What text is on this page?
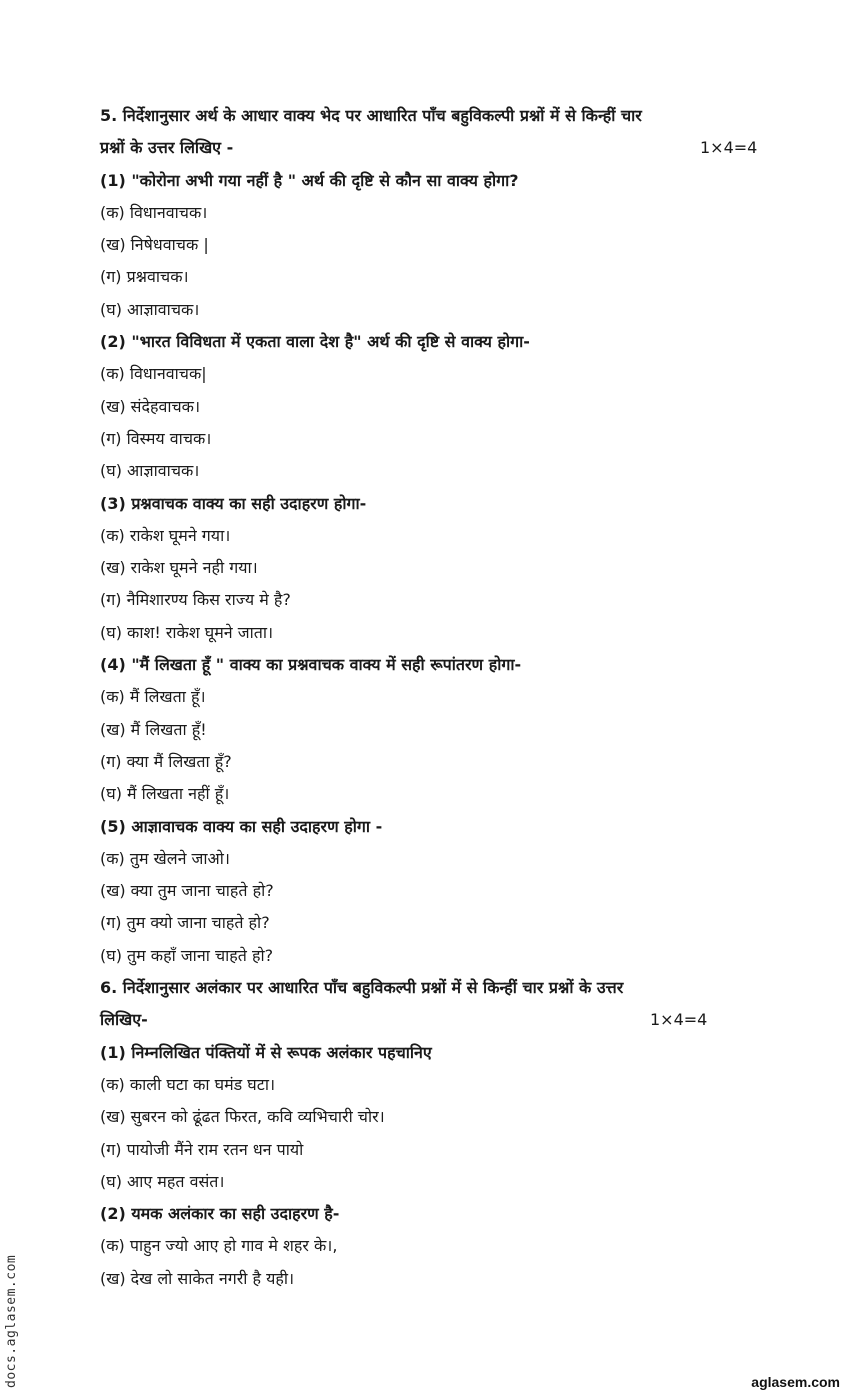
5. निर्देशानुसार अर्थ के आधार वाक्य भेद पर आधारित पाँच बहुविकल्पी प्रश्नों में से किन्हीं चार
प्रश्नों के उत्तर लिखिए -	1×4=4
(1) "कोरोना अभी गया नहीं है " अर्थ की दृष्टि से कौन सा वाक्य होगा?
(क) विधानवाचक।
(ख) निषेधवाचक |
(ग) प्रश्नवाचक।
(घ) आज्ञावाचक।
(2) "भारत विविधता में एकता वाला देश है" अर्थ की दृष्टि से वाक्य होगा-
(क) विधानवाचक|
(ख) संदेहवाचक।
(ग) विस्मय वाचक।
(घ) आज्ञावाचक।
(3) प्रश्नवाचक वाक्य का सही उदाहरण होगा-
(क) राकेश घूमने गया।
(ख) राकेश घूमने नही गया।
(ग) नैमिशारण्य किस राज्य मे है?
(घ) काश! राकेश घूमने जाता।
(4) "मैं लिखता हूँ " वाक्य का प्रश्नवाचक वाक्य में सही रूपांतरण होगा-
(क) मैं लिखता हूँ।
(ख) मैं लिखता हूँ!
(ग) क्या मैं लिखता हूँ?
(घ) मैं लिखता नहीं हूँ।
(5) आज्ञावाचक वाक्य का सही उदाहरण होगा -
(क) तुम खेलने जाओ।
(ख) क्या तुम जाना चाहते हो?
(ग) तुम क्यो जाना चाहते हो?
(घ) तुम कहाँ जाना चाहते हो?
6. निर्देशानुसार अलंकार पर आधारित पाँच बहुविकल्पी प्रश्नों में से किन्हीं चार प्रश्नों के उत्तर
लिखिए-	1×4=4
(1) निम्नलिखित पंक्तियों में से रूपक अलंकार पहचानिए
(क) काली घटा का घमंड घटा।
(ख) सुबरन को ढूंढत फिरत, कवि व्यभिचारी चोर।
(ग) पायोजी मैंने राम रतन धन पायो
(घ) आए महत वसंत।
(2) यमक अलंकार का सही उदाहरण है-
(क) पाहुन ज्यो आए हो गाव मे शहर के।,
(ख) देख लो साकेत नगरी है यही।
docs.aglasem.com	aglasem.com
